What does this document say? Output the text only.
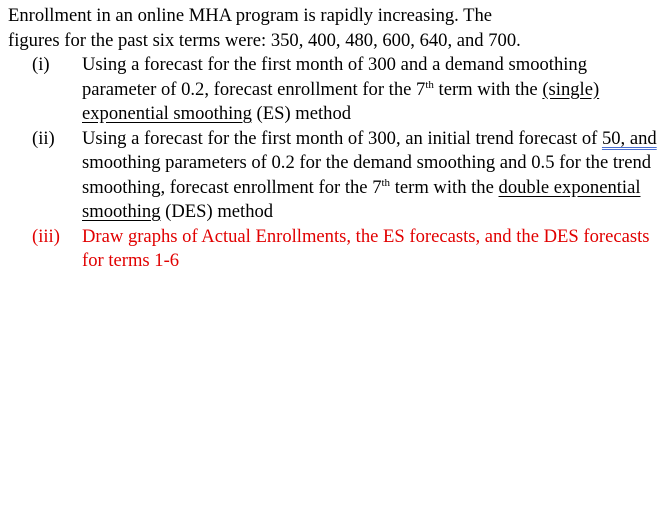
Enrollment in an online MHA program is rapidly increasing. The
figures for the past six terms were: 350, 400, 480, 600, 640, and 700.

(i)	Using a forecast for the first month of 300 and a demand smoothing parameter of 0.2, forecast enrollment for the 7th term with the (single) exponential smoothing (ES) method
(ii)	Using a forecast for the first month of 300, an initial trend forecast of 50, and smoothing parameters of 0.2 for the demand smoothing and 0.5 for the trend smoothing, forecast enrollment for the 7th term with the double exponential smoothing (DES) method
(iii)	Draw graphs of Actual Enrollments, the ES forecasts, and the DES forecasts for terms 1-6
